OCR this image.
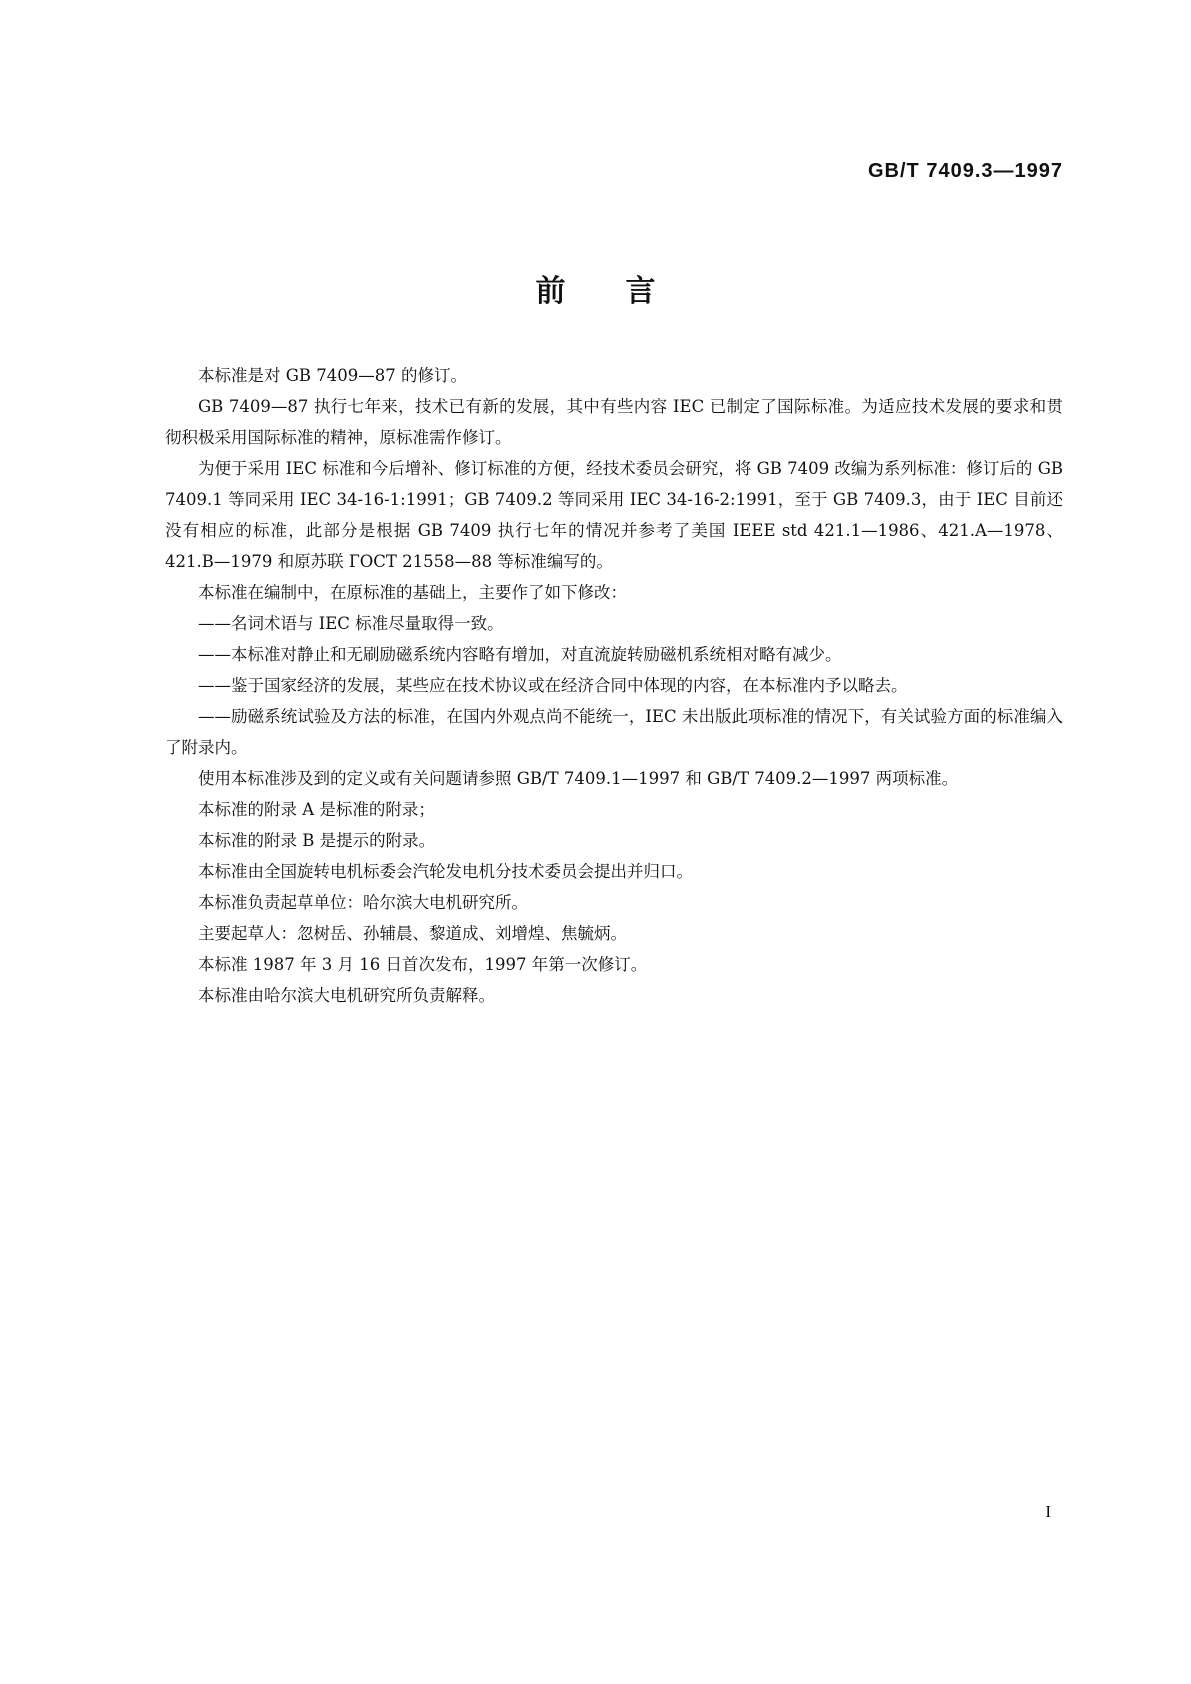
GB/T 7409.3—1997
前言

本标准是对 GB 7409—87 的修订。

GB 7409—87 执行七年来，技术已有新的发展，其中有些内容 IEC 已制定了国际标准。为适应技术发展的要求和贯彻积极采用国际标准的精神，原标准需作修订。

为便于采用 IEC 标准和今后增补、修订标准的方便，经技术委员会研究，将 GB 7409 改编为系列标准：修订后的 GB 7409.1 等同采用 IEC 34-16-1:1991；GB 7409.2 等同采用 IEC 34-16-2:1991，至于 GB 7409.3，由于 IEC 目前还没有相应的标准，此部分是根据 GB 7409 执行七年的情况并参考了美国 IEEE std 421.1—1986、421.A—1978、421.B—1979 和原苏联 ГОСТ 21558—88 等标准编写的。

本标准在编制中，在原标准的基础上，主要作了如下修改：

——名词术语与 IEC 标准尽量取得一致。

——本标准对静止和无刷励磁系统内容略有增加，对直流旋转励磁机系统相对略有减少。

——鉴于国家经济的发展，某些应在技术协议或在经济合同中体现的内容，在本标准内予以略去。

——励磁系统试验及方法的标准，在国内外观点尚不能统一，IEC 未出版此项标准的情况下，有关试验方面的标准编入了附录内。

使用本标准涉及到的定义或有关问题请参照 GB/T 7409.1—1997 和 GB/T 7409.2—1997 两项标准。

本标准的附录 A 是标准的附录；

本标准的附录 B 是提示的附录。

本标准由全国旋转电机标委会汽轮发电机分技术委员会提出并归口。

本标准负责起草单位：哈尔滨大电机研究所。

主要起草人：忽树岳、孙辅晨、黎道成、刘增煌、焦毓炳。

本标准 1987 年 3 月 16 日首次发布，1997 年第一次修订。

本标准由哈尔滨大电机研究所负责解释。

I
